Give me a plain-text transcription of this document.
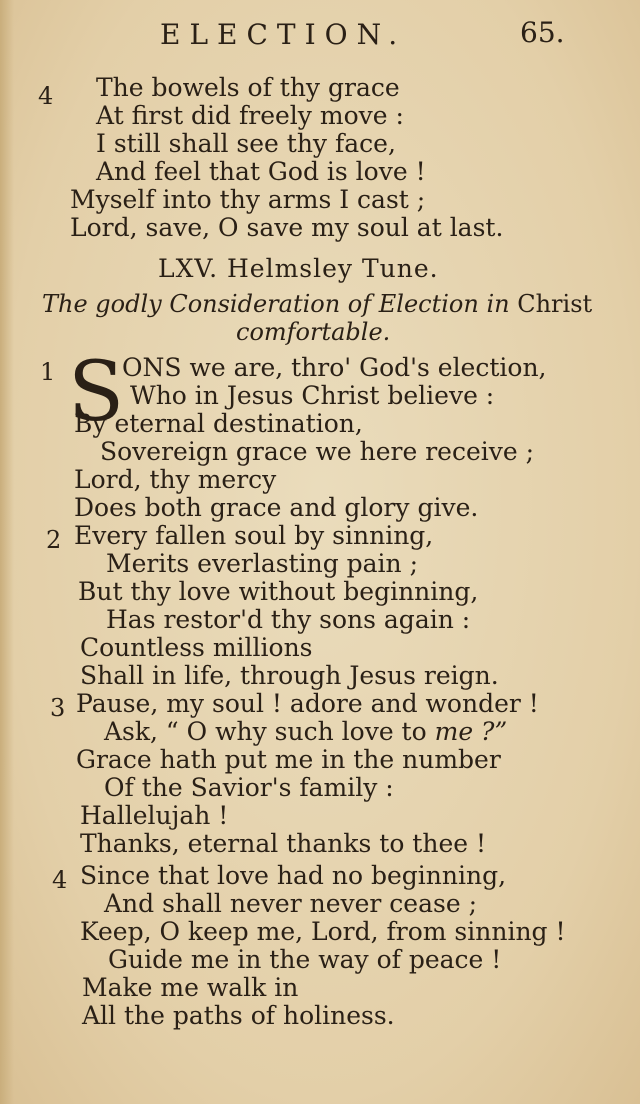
ELECTION.	65.
4 The bowels of thy grace
At first did freely move :
I still shall see thy face,
And feel that God is love !
Myself into thy arms I cast ;
Lord, save, O save my soul at last.
LXV. Helmsley Tune.
The godly Consideration of Election in Christ
comfortable.
1 S
ONS we are, thro' God's election,
Who in Jesus Christ believe :
By eternal destination,
Sovereign grace we here receive ;
Lord, thy mercy
Does both grace and glory give.
2 Every fallen soul by sinning,
Merits everlasting pain ;
But thy love without beginning,
Has restor'd thy sons again :
Countless millions
Shall in life, through Jesus reign.
3 Pause, my soul ! adore and wonder !
Ask, “ O why such love to me ?”
Grace hath put me in the number
Of the Savior's family :
Hallelujah !
Thanks, eternal thanks to thee !
4 Since that love had no beginning,
And shall never never cease ;
Keep, O keep me, Lord, from sinning !
Guide me in the way of peace !
Make me walk in
All the paths of holiness.
